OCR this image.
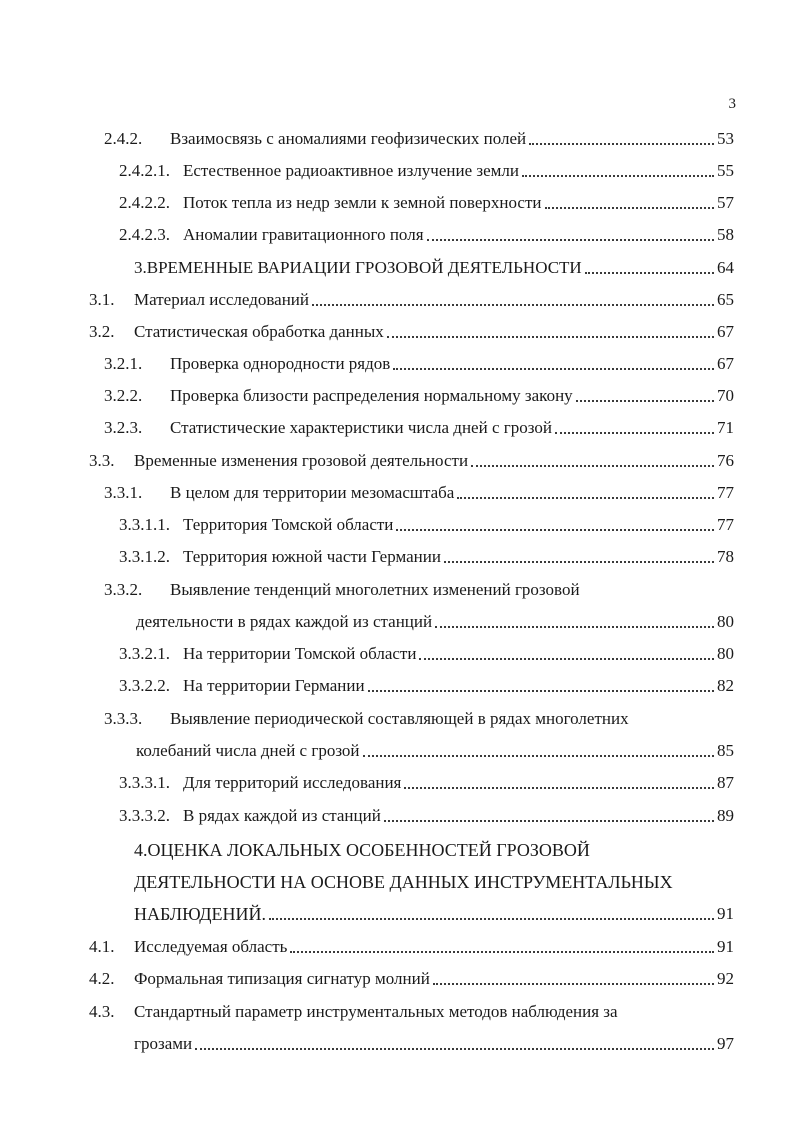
3
2.4.2.	Взаимосвязь с аномалиями геофизических полей	53
2.4.2.1. Естественное радиоактивное излучение земли	55
2.4.2.2. Поток тепла из недр земли к земной поверхности	57
2.4.2.3. Аномалии гравитационного поля	58
3.ВРЕМЕННЫЕ ВАРИАЦИИ ГРОЗОВОЙ ДЕЯТЕЛЬНОСТИ	64
3.1.	Материал исследований	65
3.2.	Статистическая обработка данных	67
3.2.1.	Проверка однородности рядов	67
3.2.2.	Проверка близости распределения нормальному закону	70
3.2.3.	Статистические характеристики числа дней с грозой	71
3.3.	Временные изменения грозовой деятельности	76
3.3.1.	В целом для территории мезомасштаба	77
3.3.1.1. Территория Томской области	77
3.3.1.2. Территория южной части Германии	78
3.3.2.	Выявление тенденций многолетних изменений грозовой
деятельности в рядах каждой из станций	80
3.3.2.1. На территории Томской области	80
3.3.2.2. На территории Германии	82
3.3.3.	Выявление периодической составляющей в рядах многолетних
колебаний числа дней с грозой	85
3.3.3.1. Для территорий исследования	87
3.3.3.2. В рядах каждой из станций	89
4.ОЦЕНКА ЛОКАЛЬНЫХ ОСОБЕННОСТЕЙ ГРОЗОВОЙ
ДЕЯТЕЛЬНОСТИ НА ОСНОВЕ ДАННЫХ ИНСТРУМЕНТАЛЬНЫХ
НАБЛЮДЕНИЙ.	91
4.1.	Исследуемая область	91
4.2.	Формальная типизация сигнатур молний	92
4.3.	Стандартный параметр инструментальных методов наблюдения за
грозами	97
